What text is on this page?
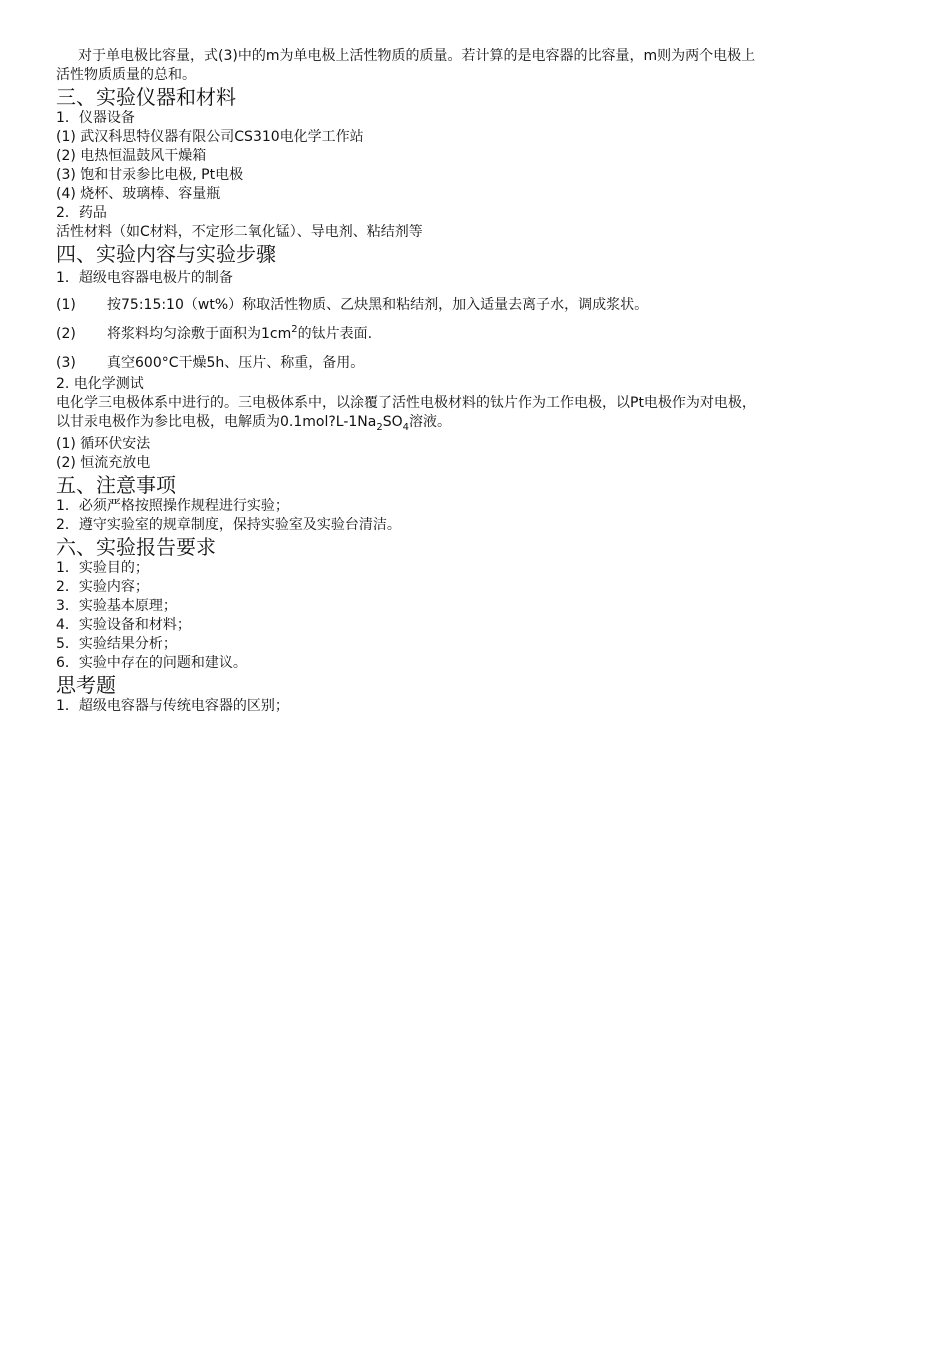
对于单电极比容量，式(3)中的m为单电极上活性物质的质量。若计算的是电容器的比容量，m则为两个电极上
活性物质质量的总和。

三、实验仪器和材料
1．仪器设备
(1) 武汉科思特仪器有限公司CS310电化学工作站
(2) 电热恒温鼓风干燥箱
(3) 饱和甘汞参比电极, Pt电极
(4) 烧杯、玻璃棒、容量瓶
2．药品
活性材料（如C材料，不定形二氧化锰）、导电剂、粘结剂等
四、实验内容与实验步骤
1．超级电容器电极片的制备
(1) 按75:15:10（wt%）称取活性物质、乙炔黑和粘结剂，加入适量去离子水，调成浆状。
(2) 将浆料均匀涂敷于面积为$1cm^2$的钛片表面.
(3) 真空600°C干燥5h、压片、称重，备用。
2. 电化学测试
电化学三电极体系中进行的。三电极体系中，以涂覆了活性电极材料的钛片作为工作电极，以Pt电极作为对电极，
以甘汞电极作为参比电极，电解质为$0.1mol?L-1Na_2SO_4$溶液。
(1) 循环伏安法
(2) 恒流充放电
五、注意事项
1．必须严格按照操作规程进行实验；
2．遵守实验室的规章制度，保持实验室及实验台清洁。
六、实验报告要求
1．实验目的；
2．实验内容；
3．实验基本原理；
4．实验设备和材料；
5．实验结果分析；
6．实验中存在的问题和建议。
思考题
1．超级电容器与传统电容器的区别；
